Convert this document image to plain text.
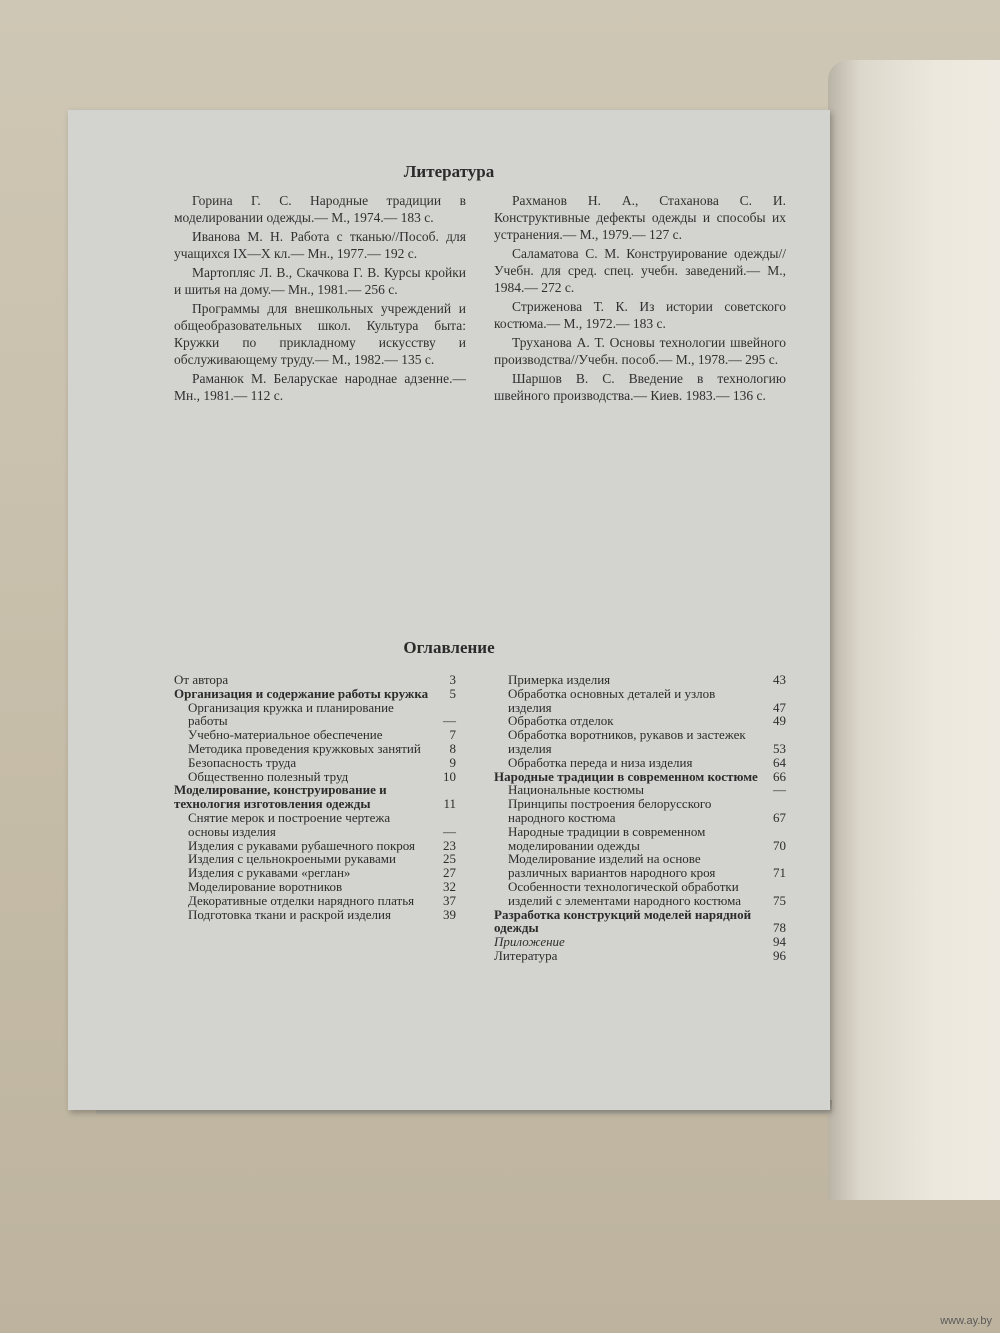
Литература

Горина Г. С. Народные традиции в моделировании одежды.— М., 1974.— 183 с.

Иванова М. Н. Работа с тканью//Пособ. для учащихся IX—X кл.— Мн., 1977.— 192 с.

Мартопляс Л. В., Скачкова Г. В. Курсы кройки и шитья на дому.— Мн., 1981.— 256 с.

Программы для внешкольных учреждений и общеобразовательных школ. Культура быта: Кружки по прикладному искусству и обслуживающему труду.— М., 1982.— 135 с.

Раманюк М. Беларускае народнае адзенне.— Мн., 1981.— 112 с.

Рахманов Н. А., Стаханова С. И. Конструктивные дефекты одежды и способы их устранения.— М., 1979.— 127 с.

Саламатова С. М. Конструирование одежды//Учебн. для сред. спец. учебн. заведений.— М., 1984.— 272 с.

Стриженова Т. К. Из истории советского костюма.— М., 1972.— 183 с.

Труханова А. Т. Основы технологии швейного производства//Учебн. пособ.— М., 1978.— 295 с.

Шаршов В. С. Введение в технологию швейного производства.— Киев. 1983.— 136 с.

Оглавление
От автора	3
Организация и содержание работы кружка	5
Организация кружка и планирование работы	—
Учебно-материальное обеспечение	7
Методика проведения кружковых занятий	8
Безопасность труда	9
Общественно полезный труд	10
Моделирование, конструирование и технология изготовления одежды	11
Снятие мерок и построение чертежа основы изделия	—
Изделия с рукавами рубашечного покроя	23
Изделия с цельнокроеными рукавами	25
Изделия с рукавами «реглан»	27
Моделирование воротников	32
Декоративные отделки нарядного платья	37
Подготовка ткани и раскрой изделия	39
Примерка изделия	43
Обработка основных деталей и узлов изделия	47
Обработка отделок	49
Обработка воротников, рукавов и застежек изделия	53
Обработка переда и низа изделия	64
Народные традиции в современном костюме	66
Национальные костюмы	—
Принципы построения белорусского народного костюма	67
Народные традиции в современном моделировании одежды	70
Моделирование изделий на основе различных вариантов народного кроя	71
Особенности технологической обработки изделий с элементами народного костюма	75
Разработка конструкций моделей нарядной одежды	78
Приложение	94
Литература	96
www.ay.by
